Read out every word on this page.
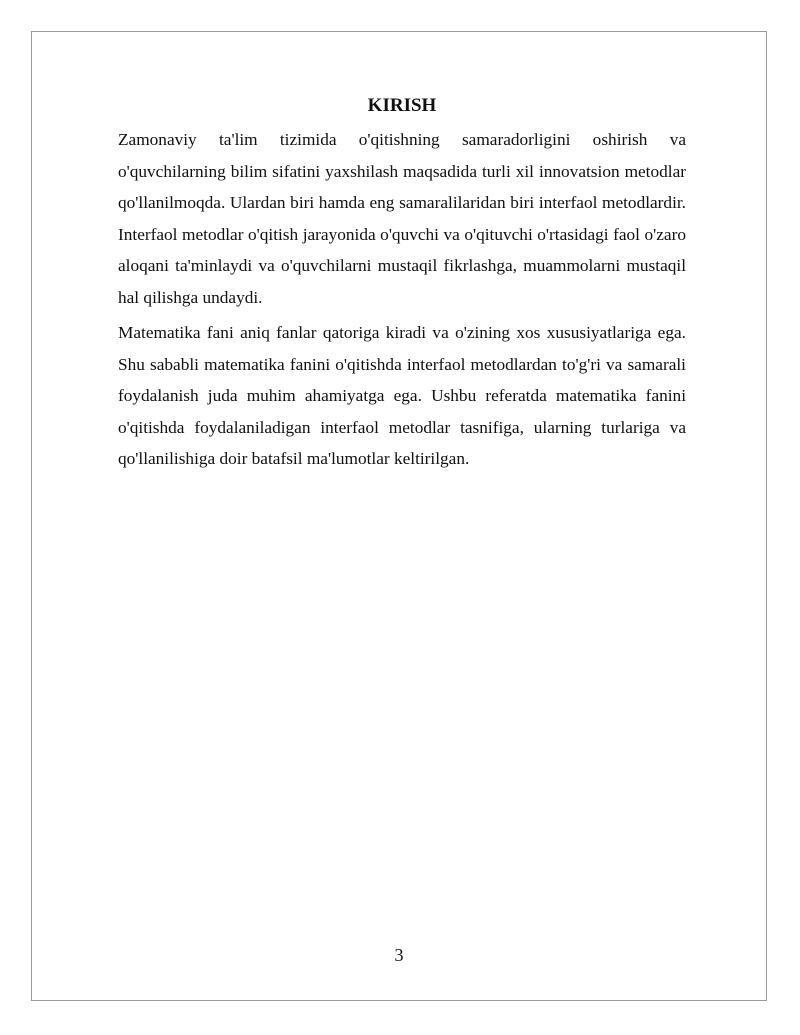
KIRISH

Zamonaviy ta'lim tizimida o'qitishning samaradorligini oshirish va o'quvchilarning bilim sifatini yaxshilash maqsadida turli xil innovatsion metodlar qo'llanilmoqda. Ulardan biri hamda eng samaralilaridan biri interfaol metodlardir. Interfaol metodlar o'qitish jarayonida o'quvchi va o'qituvchi o'rtasidagi faol o'zaro aloqani ta'minlaydi va o'quvchilarni mustaqil fikrlashga, muammolarni mustaqil hal qilishga undaydi.

Matematika fani aniq fanlar qatoriga kiradi va o'zining xos xususiyatlariga ega. Shu sababli matematika fanini o'qitishda interfaol metodlardan to'g'ri va samarali foydalanish juda muhim ahamiyatga ega. Ushbu referatda matematika fanini o'qitishda foydalaniladigan interfaol metodlar tasnifiga, ularning turlariga va qo'llanilishiga doir batafsil ma'lumotlar keltirilgan.

3
